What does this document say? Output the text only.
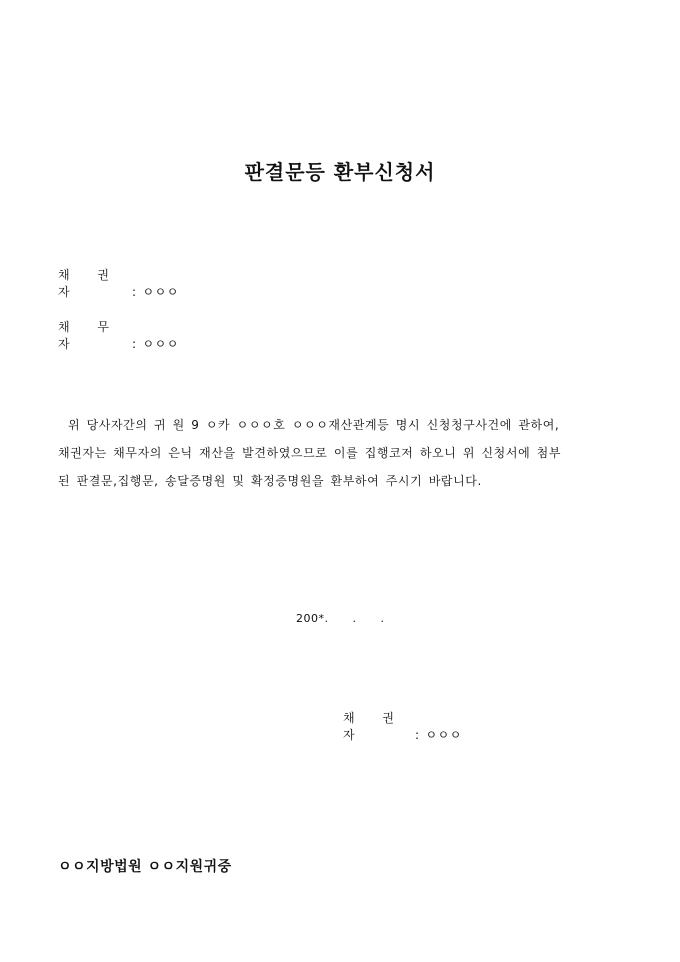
판결문등 환부신청서
채 권 자	: ㅇㅇㅇ
채 무 자	: ㅇㅇㅇ
위 당사자간의 귀 원 9 ㅇ카 ㅇㅇㅇ호 ㅇㅇㅇ재산관계등 명시 신청청구사건에 관하여,
채권자는 채무자의 은닉 재산을 발견하였으므로 이를 집행코저 하오니 위 신청서에 첨부
된 판결문,집행문, 송달증명원 및 확정증명원을 환부하여 주시기 바랍니다.
200*.      .      .
채 권 자	: ㅇㅇㅇ
ㅇㅇ지방법원 ㅇㅇ지원귀중
